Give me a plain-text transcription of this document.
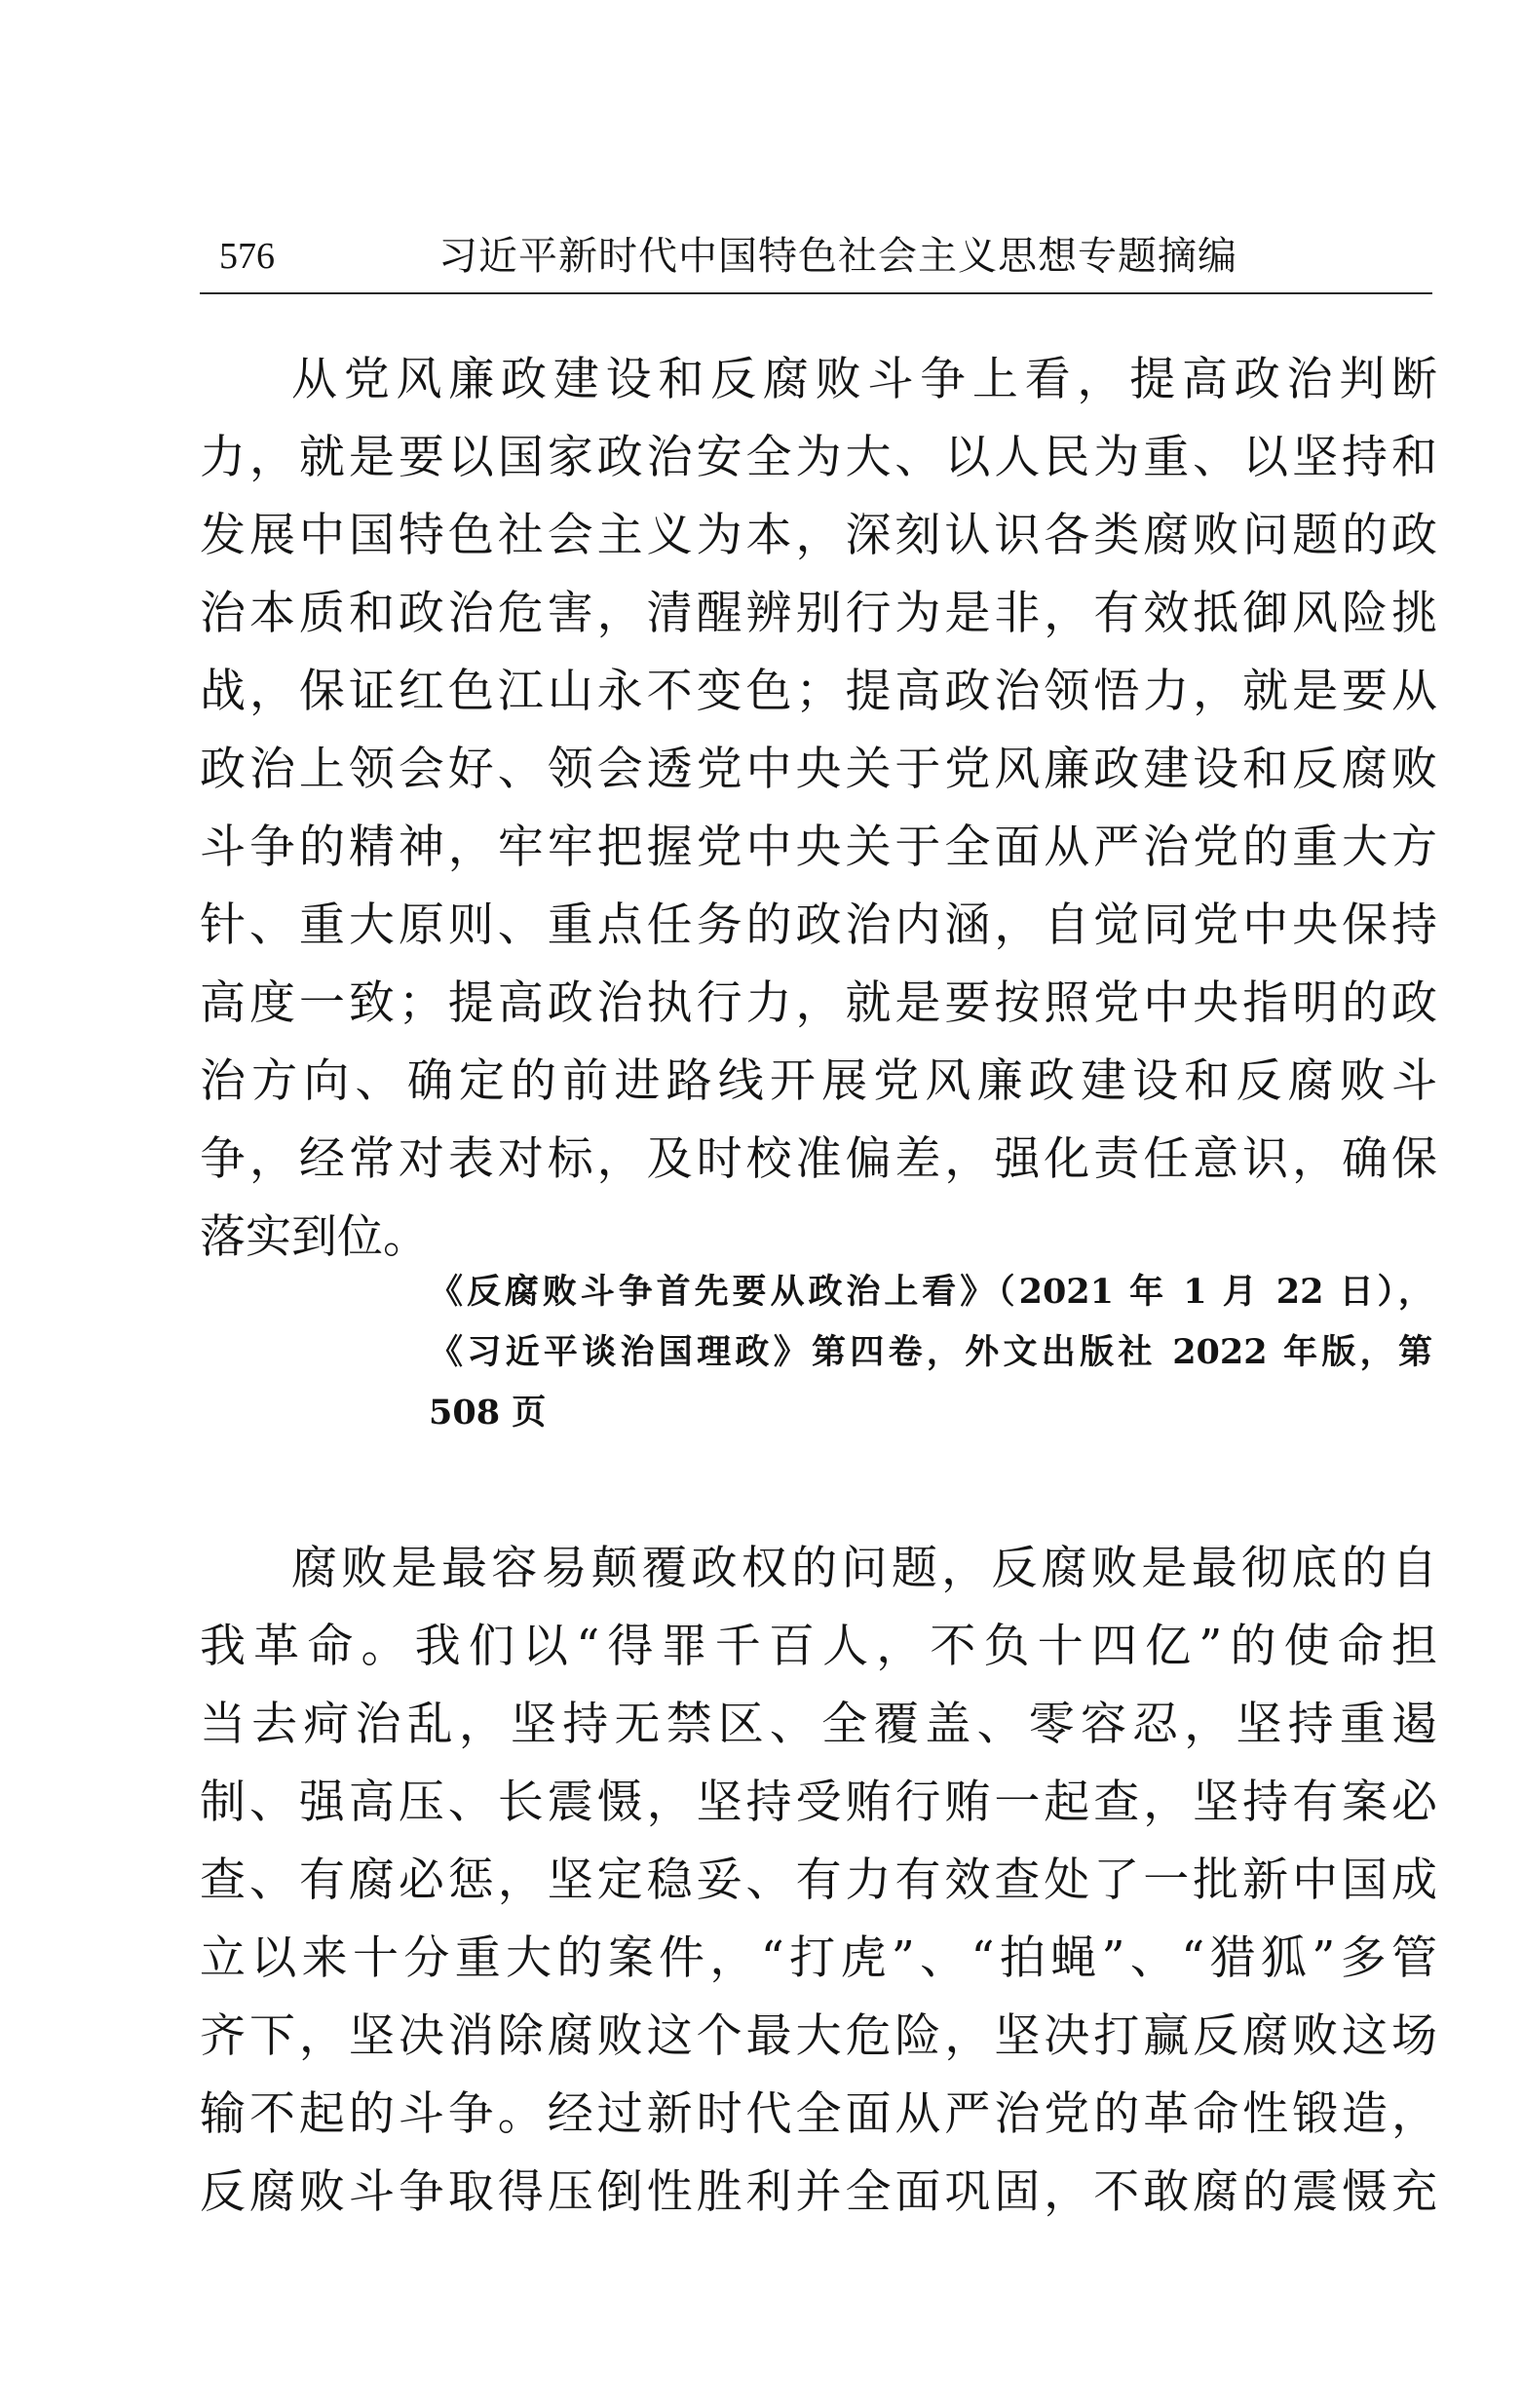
576	习近平新时代中国特色社会主义思想专题摘编
从党风廉政建设和反腐败斗争上看，提高政治判断
力，就是要以国家政治安全为大、以人民为重、以坚持和
发展中国特色社会主义为本，深刻认识各类腐败问题的政
治本质和政治危害，清醒辨别行为是非，有效抵御风险挑
战，保证红色江山永不变色；提高政治领悟力，就是要从
政治上领会好、领会透党中央关于党风廉政建设和反腐败
斗争的精神，牢牢把握党中央关于全面从严治党的重大方
针、重大原则、重点任务的政治内涵，自觉同党中央保持
高度一致；提高政治执行力，就是要按照党中央指明的政
治方向、确定的前进路线开展党风廉政建设和反腐败斗
争，经常对表对标，及时校准偏差，强化责任意识，确保
落实到位。
《反腐败斗争首先要从政治上看》（2021 年 1 月 22 日），
《习近平谈治国理政》第四卷，外文出版社 2022 年版，第
508 页
腐败是最容易颠覆政权的问题，反腐败是最彻底的自
我革命。我们以“得罪千百人，不负十四亿”的使命担
当去疴治乱，坚持无禁区、全覆盖、零容忍，坚持重遏
制、强高压、长震慑，坚持受贿行贿一起查，坚持有案必
查、有腐必惩，坚定稳妥、有力有效查处了一批新中国成
立以来十分重大的案件，“打虎”、“拍蝇”、“猎狐”多管
齐下，坚决消除腐败这个最大危险，坚决打赢反腐败这场
输不起的斗争。经过新时代全面从严治党的革命性锻造，
反腐败斗争取得压倒性胜利并全面巩固，不敢腐的震慑充
